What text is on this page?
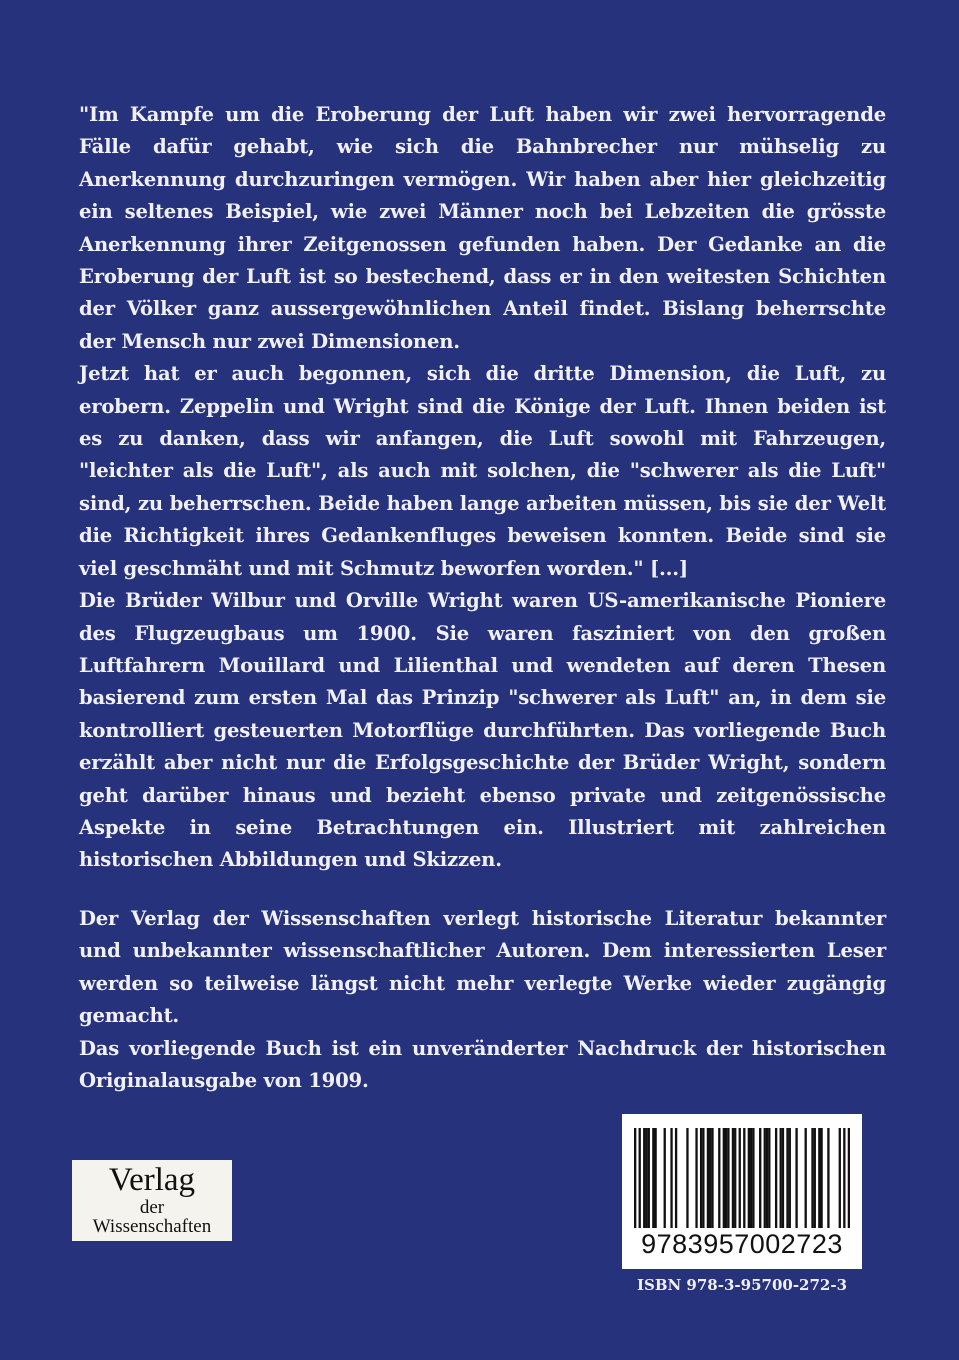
"Im Kampfe um die Eroberung der Luft haben wir zwei hervorragende Fälle dafür gehabt, wie sich die Bahnbrecher nur mühselig zu Anerkennung durchzuringen vermögen. Wir haben aber hier gleichzeitig ein seltenes Beispiel, wie zwei Männer noch bei Lebzeiten die grösste Anerkennung ihrer Zeitgenossen gefunden haben. Der Gedanke an die Eroberung der Luft ist so bestechend, dass er in den weitesten Schichten der Völker ganz aussergewöhnlichen Anteil findet. Bislang beherrschte der Mensch nur zwei Dimensionen.

Jetzt hat er auch begonnen, sich die dritte Dimension, die Luft, zu erobern. Zeppelin und Wright sind die Könige der Luft. Ihnen beiden ist es zu danken, dass wir anfangen, die Luft sowohl mit Fahrzeugen, "leichter als die Luft", als auch mit solchen, die "schwerer als die Luft" sind, zu beherrschen. Beide haben lange arbeiten müssen, bis sie der Welt die Richtigkeit ihres Gedankenfluges beweisen konnten. Beide sind sie viel geschmäht und mit Schmutz beworfen worden." [...]

Die Brüder Wilbur und Orville Wright waren US-amerikanische Pioniere des Flugzeugbaus um 1900. Sie waren fasziniert von den großen Luftfahrern Mouillard und Lilienthal und wendeten auf deren Thesen basierend zum ersten Mal das Prinzip "schwerer als Luft" an, in dem sie kontrolliert gesteuerten Motorflüge durchführten. Das vorliegende Buch erzählt aber nicht nur die Erfolgsgeschichte der Brüder Wright, sondern geht darüber hinaus und bezieht ebenso private und zeitgenössische Aspekte in seine Betrachtungen ein. Illustriert mit zahlreichen historischen Abbildungen und Skizzen.

Der Verlag der Wissenschaften verlegt historische Literatur bekannter und unbekannter wissenschaftlicher Autoren. Dem interessierten Leser werden so teilweise längst nicht mehr verlegte Werke wieder zugängig gemacht.

Das vorliegende Buch ist ein unveränderter Nachdruck der historischen Originalausgabe von 1909.

Verlag
der
Wissenschaften
9783957002723
ISBN 978-3-95700-272-3
